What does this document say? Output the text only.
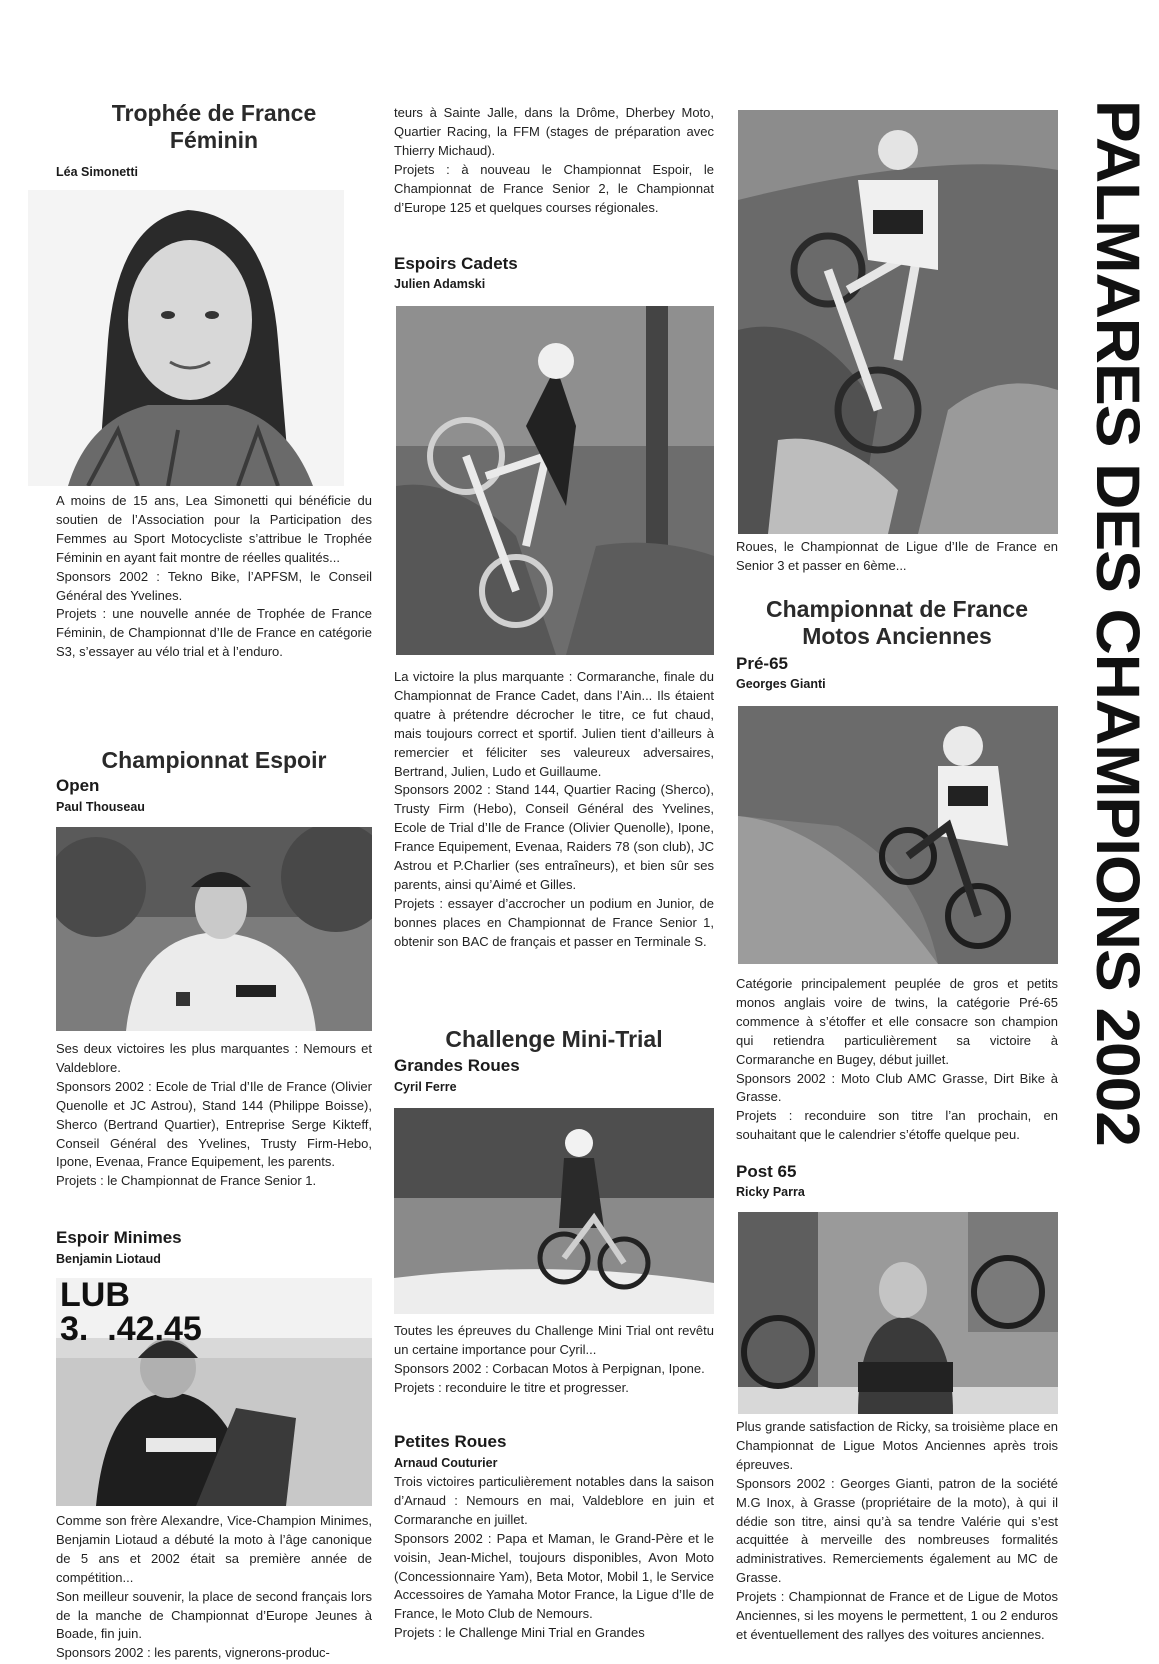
PALMARES DES CHAMPIONS 2002

Trophée de France

Féminin

Léa Simonetti

A moins de 15 ans, Lea Simonetti qui bénéficie du soutien de l’Association pour la Participation des Femmes au Sport Motocycliste s’attribue le Trophée Féminin en ayant fait montre de réelles qualités...

Sponsors 2002 : Tekno Bike, l’APFSM, le Conseil Général des Yvelines.

Projets : une nouvelle année de Trophée de France Féminin, de Championnat d’Ile de France en catégorie S3, s’essayer au vélo trial et à l’enduro.

Championnat Espoir

Open

Paul Thouseau

Ses deux victoires les plus marquantes : Nemours et Valdeblore.

Sponsors 2002 : Ecole de Trial d’Ile de France (Olivier Quenolle et JC Astrou), Stand 144 (Philippe Boisse), Sherco (Bertrand Quartier), Entreprise Serge Kikteff, Conseil Général des Yvelines, Trusty Firm-Hebo, Ipone, Evenaa, France Equipement, les parents.

Projets : le Championnat de France Senior 1.

Espoir Minimes

Benjamin Liotaud

LUB
3.  .42.45

Comme son frère Alexandre, Vice-Champion Minimes, Benjamin Liotaud a débuté la moto à l’âge canonique de 5 ans et 2002 était sa première année de compétition...

Son meilleur souvenir, la place de second français lors de la manche de Championnat d’Europe Jeunes à Boade, fin juin.

Sponsors 2002 : les parents, vignerons-produc-

teurs à Sainte Jalle, dans la Drôme, Dherbey Moto, Quartier Racing, la FFM (stages de préparation avec Thierry Michaud).

Projets : à nouveau le Championnat Espoir, le Championnat de France Senior 2, le Championnat d’Europe 125 et quelques courses régionales.

Espoirs Cadets

Julien Adamski

La victoire la plus marquante : Cormaranche, finale du Championnat de France Cadet, dans l’Ain... Ils étaient quatre à prétendre décrocher le titre, ce fut chaud, mais toujours correct et sportif. Julien tient d’ailleurs à remercier et féliciter ses valeureux adversaires, Bertrand, Julien, Ludo et Guillaume.

Sponsors 2002 : Stand 144, Quartier Racing (Sherco), Trusty Firm (Hebo), Conseil Général des Yvelines, Ecole de Trial d’Ile de France (Olivier Quenolle), Ipone, France Equipement, Evenaa, Raiders 78 (son club), JC Astrou et P.Charlier (ses entraîneurs), et bien sûr ses parents, ainsi qu’Aimé et Gilles.

Projets : essayer d’accrocher un podium en Junior, de bonnes places en Championnat de France Senior 1, obtenir son BAC de français et passer en Terminale S.

Challenge Mini-Trial

Grandes Roues

Cyril Ferre

Toutes les épreuves du Challenge Mini Trial ont revêtu un certaine importance pour Cyril...

Sponsors 2002 : Corbacan Motos à Perpignan, Ipone.

Projets : reconduire le titre et progresser.

Petites Roues

Arnaud Couturier

Trois victoires particulièrement notables dans la saison d’Arnaud : Nemours en mai, Valdeblore en juin et Cormaranche en juillet.

Sponsors 2002 : Papa et Maman, le Grand-Père et le voisin, Jean-Michel, toujours disponibles, Avon Moto (Concessionnaire Yam), Beta Motor, Mobil 1, le Service Accessoires de Yamaha Motor France, la Ligue d’Ile de France, le Moto Club de Nemours.

Projets : le Challenge Mini Trial en Grandes

Roues, le Championnat de Ligue d’Ile de France en Senior 3 et passer en 6ème...

Championnat de France

Motos Anciennes

Pré-65

Georges Gianti

Catégorie principalement peuplée de gros et petits monos anglais voire de twins, la catégorie Pré-65 commence à s’étoffer et elle consacre son champion qui retiendra particulièrement sa victoire à Cormaranche en Bugey, début juillet.

Sponsors 2002 : Moto Club AMC Grasse, Dirt Bike à Grasse.

Projets : reconduire son titre l’an prochain, en souhaitant que le calendrier s’étoffe quelque peu.

Post 65

Ricky Parra

Plus grande satisfaction de Ricky, sa troisième place en Championnat de Ligue Motos Anciennes après trois épreuves.

Sponsors 2002 : Georges Gianti, patron de la société M.G Inox, à Grasse (propriétaire de la moto), à qui il dédie son titre, ainsi qu’à sa tendre Valérie qui s’est acquittée à merveille des nombreuses formalités administratives. Remerciements également au MC de Grasse.

Projets : Championnat de France et de Ligue de Motos Anciennes, si les moyens le permettent, 1 ou 2 enduros et éventuellement des rallyes des voitures anciennes.
